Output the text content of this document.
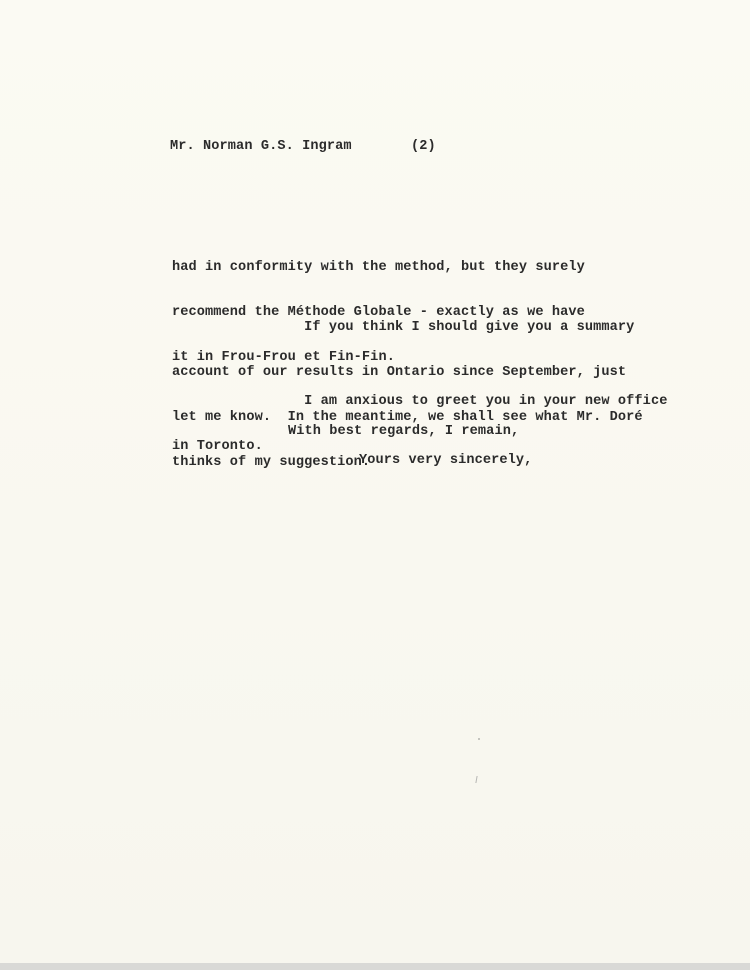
Mr. Norman G.S. Ingram	(2)

had in conformity with the method, but they surely

recommend the Méthode Globale - exactly as we have

it in Frou-Frou et Fin-Fin.

If you think I should give you a summary

account of our results in Ontario since September, just

let me know.  In the meantime, we shall see what Mr. Doré

thinks of my suggestion.

I am anxious to greet you in your new office

in Toronto.

With best regards, I remain,
Yours very sincerely,
